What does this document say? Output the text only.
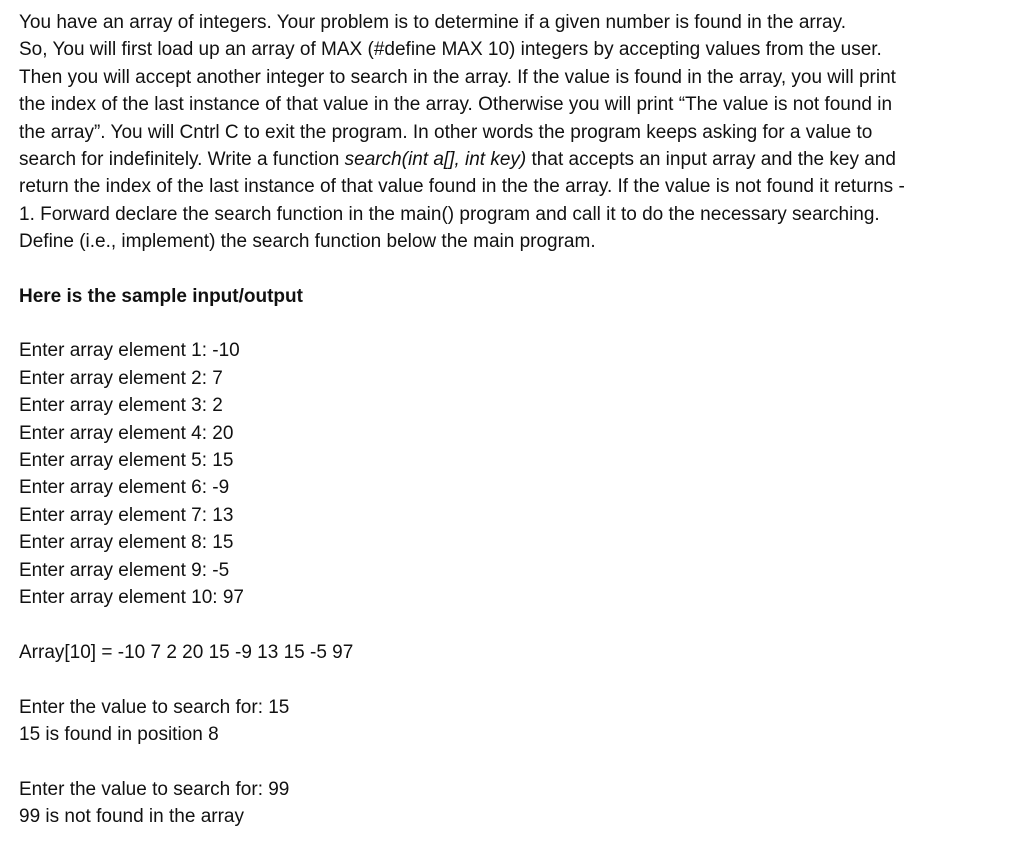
You have an array of integers. Your problem is to determine if a given number is found in the array.
So, You will first load up an array of MAX (#define MAX 10) integers by accepting values from the user.
Then you will accept another integer to search in the array. If the value is found in the array, you will print
the index of the last instance of that value in the array. Otherwise you will print “The value is not found in
the array”. You will Cntrl C to exit the program. In other words the program keeps asking for a value to
search for indefinitely. Write a function search(int a[], int key) that accepts an input array and the key and
return the index of the last instance of that value found in the the array. If the value is not found it returns -
1. Forward declare the search function in the main() program and call it to do the necessary searching.
Define (i.e., implement) the search function below the main program.

Here is the sample input/output

Enter array element 1: -10
Enter array element 2: 7
Enter array element 3: 2
Enter array element 4: 20
Enter array element 5: 15
Enter array element 6: -9
Enter array element 7: 13
Enter array element 8: 15
Enter array element 9: -5
Enter array element 10: 97

Array[10] = -10 7 2 20 15 -9 13 15 -5 97

Enter the value to search for: 15
15 is found in position 8

Enter the value to search for: 99
99 is not found in the array
